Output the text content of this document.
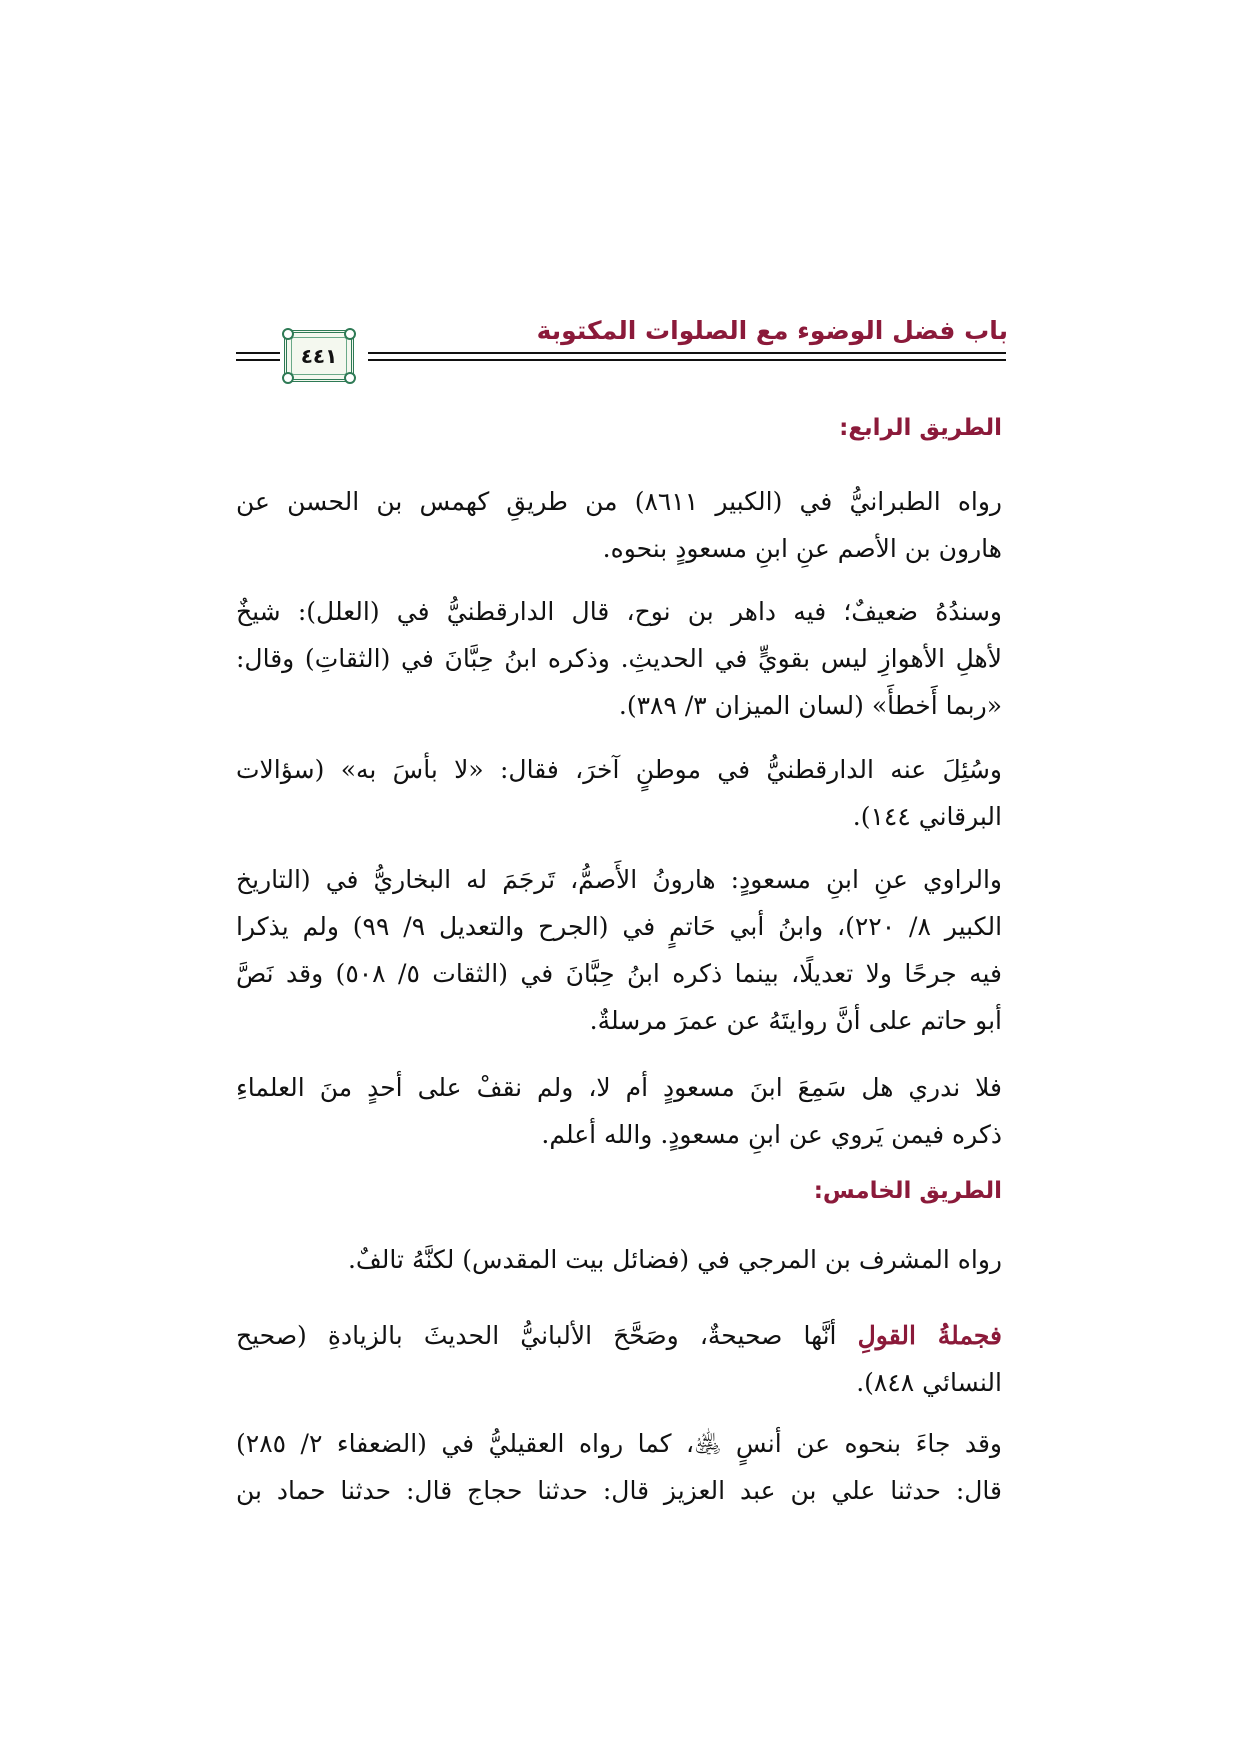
باب فضل الوضوء مع الصلوات المكتوبة
٤٤١
الطريق الرابع:
رواه الطبرانيُّ في (الكبير ٨٦١١) من طريقِ كهمس بن الحسن عن
هارون بن الأصم عنِ ابنِ مسعودٍ بنحوه.
وسندُهُ ضعيفٌ؛ فيه داهر بن نوح، قال الدارقطنيُّ في (العلل): شيخٌ
لأهلِ الأهوازِ ليس بقويٍّ في الحديثِ. وذكره ابنُ حِبَّانَ في (الثقاتِ) وقال:
«ربما أَخطأَ» (لسان الميزان ٣/ ٣٨٩).
وسُئِلَ عنه الدارقطنيُّ في موطنٍ آخرَ، فقال: «لا بأسَ به» (سؤالات
البرقاني ١٤٤).
والراوي عنِ ابنِ مسعودٍ: هارونُ الأَصمُّ، تَرجَمَ له البخاريُّ في (التاريخ
الكبير ٨/ ٢٢٠)، وابنُ أبي حَاتمٍ في (الجرح والتعديل ٩/ ٩٩) ولم يذكرا
فيه جرحًا ولا تعديلًا، بينما ذكره ابنُ حِبَّانَ في (الثقات ٥/ ٥٠٨) وقد نَصَّ
أبو حاتم على أنَّ روايتَهُ عن عمرَ مرسلةٌ.
فلا ندري هل سَمِعَ ابنَ مسعودٍ أم لا، ولم نقفْ على أحدٍ منَ العلماءِ
ذكره فيمن يَروي عن ابنِ مسعودٍ. والله أعلم.
الطريق الخامس:
رواه المشرف بن المرجي في (فضائل بيت المقدس) لكنَّهُ تالفٌ.
فجملةُ القولِ أنَّها صحيحةٌ، وصَحَّحَ الألبانيُّ الحديثَ بالزيادةِ (صحيح
النسائي ٨٤٨).
وقد جاءَ بنحوه عن أنسٍ ﵁، كما رواه العقيليُّ في (الضعفاء ٢/ ٢٨٥)
قال: حدثنا علي بن عبد العزيز قال: حدثنا حجاج قال: حدثنا حماد بن
